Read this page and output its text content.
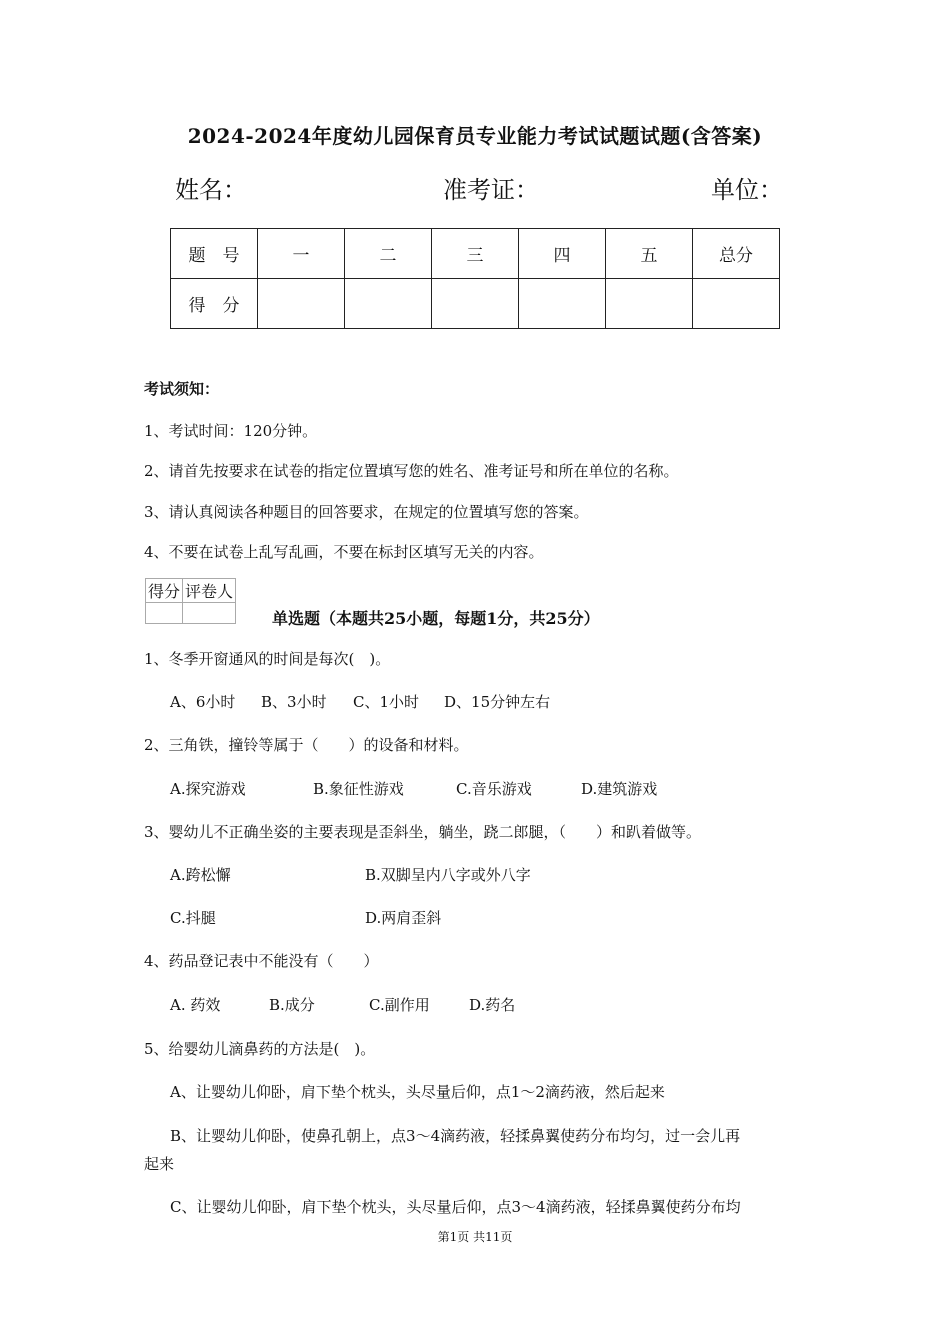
2024-2024年度幼儿园保育员专业能力考试试题试题(含答案)
姓名：	准考证：	单位：
题　号	一	二	三	四	五	总分
得　分						
考试须知：
1、考试时间：120分钟。
2、请首先按要求在试卷的指定位置填写您的姓名、准考证号和所在单位的名称。
3、请认真阅读各种题目的回答要求，在规定的位置填写您的答案。
4、不要在试卷上乱写乱画，不要在标封区填写无关的内容。
得分	评卷人

单选题（本题共25小题，每题1分，共25分）
1、冬季开窗通风的时间是每次(　)。
A、6小时 B、3小时 C、1小时 D、15分钟左右
2、三角铁，撞铃等属于（　　）的设备和材料。
A.探究游戏	B.象征性游戏	C.音乐游戏	D.建筑游戏
3、婴幼儿不正确坐姿的主要表现是歪斜坐，躺坐，跷二郎腿，（　　）和趴着做等。
A.跨松懈	B.双脚呈内八字或外八字
C.抖腿	D.两肩歪斜
4、药品登记表中不能没有（　　）
A. 药效	B.成分	C.副作用	D.药名
5、给婴幼儿滴鼻药的方法是(　)。
A、让婴幼儿仰卧，肩下垫个枕头，头尽量后仰，点1～2滴药液，然后起来
B、让婴幼儿仰卧，使鼻孔朝上，点3～4滴药液，轻揉鼻翼使药分布均匀，过一会儿再
起来
C、让婴幼儿仰卧，肩下垫个枕头，头尽量后仰，点3～4滴药液，轻揉鼻翼使药分布均
第1页 共11页
